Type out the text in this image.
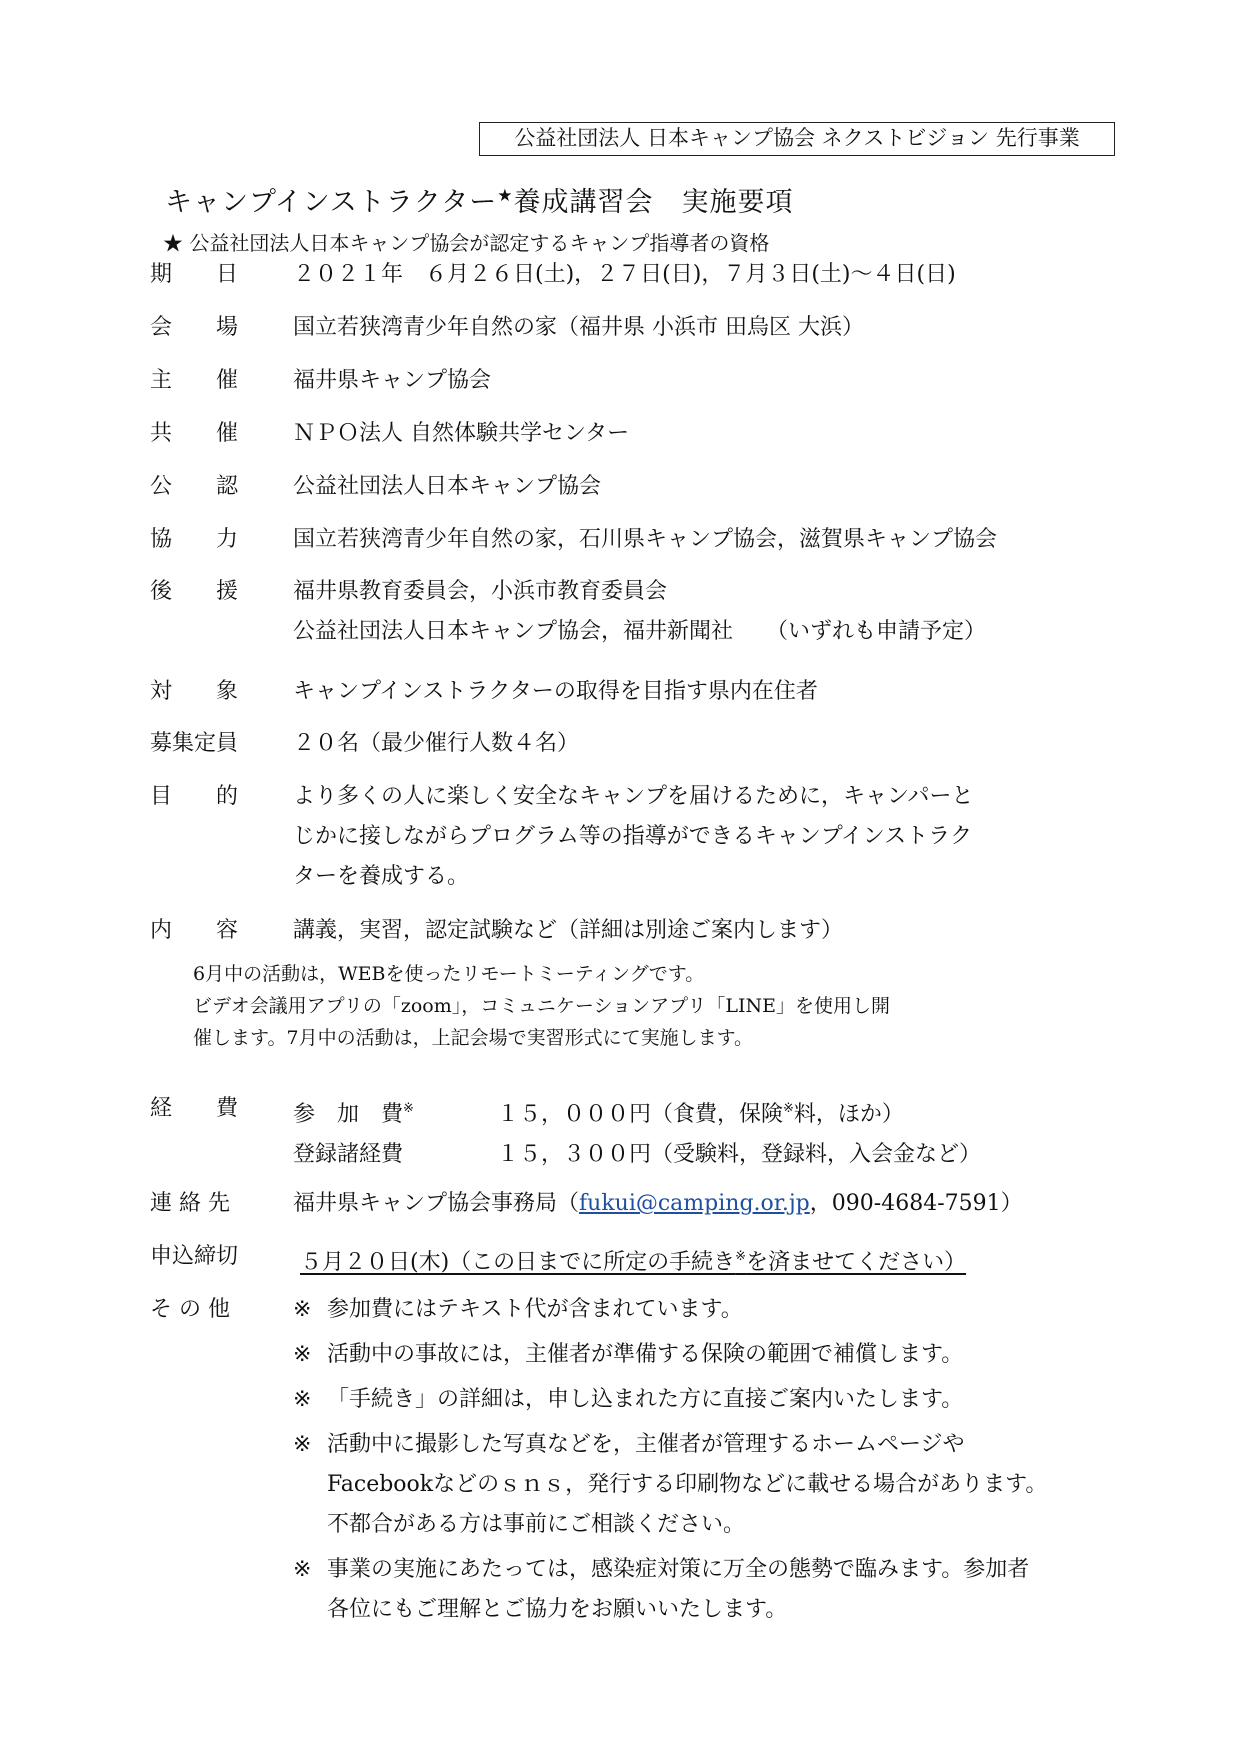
公益社団法人 日本キャンプ協会 ネクストビジョン 先行事業
キャンプインストラクター★養成講習会　実施要項
★ 公益社団法人日本キャンプ協会が認定するキャンプ指導者の資格
期　　日	２０２１年　６月２６日(土)，２７日(日)，７月３日(土)～４日(日)
会　　場	国立若狭湾青少年自然の家（福井県 小浜市 田烏区 大浜）
主　　催	福井県キャンプ協会
共　　催	ＮＰＯ法人 自然体験共学センター
公　　認	公益社団法人日本キャンプ協会
協　　力	国立若狭湾青少年自然の家，石川県キャンプ協会，滋賀県キャンプ協会
後　　援	福井県教育委員会，小浜市教育委員会
公益社団法人日本キャンプ協会，福井新聞社　　（いずれも申請予定）
対　　象	キャンプインストラクターの取得を目指す県内在住者
募集定員	２０名（最少催行人数４名）
目　　的	より多くの人に楽しく安全なキャンプを届けるために，キャンパーと
じかに接しながらプログラム等の指導ができるキャンプインストラク
ターを養成する。
内　　容	講義，実習，認定試験など（詳細は別途ご案内します）
6月中の活動は，WEBを使ったリモートミーティングです。
ビデオ会議用アプリの「zoom」，コミュニケーションアプリ「LINE」を使用し開
催します。7月中の活動は，上記会場で実習形式にて実施します。
経　　費	参　加　費※	　１５，０００円（食費，保険※料，ほか）
登録諸経費	　１５，３００円（受験料，登録料，入会金など）
連 絡 先	福井県キャンプ協会事務局（fukui@camping.or.jp，090-4684-7591）
申込締切	５月２０日(木)（この日までに所定の手続き※を済ませてください）
そ の 他	※ 参加費にはテキスト代が含まれています。
※ 活動中の事故には，主催者が準備する保険の範囲で補償します。
※ 「手続き」の詳細は，申し込まれた方に直接ご案内いたします。
※ 活動中に撮影した写真などを，主催者が管理するホームページや
Facebookなどのｓｎｓ，発行する印刷物などに載せる場合があります。
不都合がある方は事前にご相談ください。
※ 事業の実施にあたっては，感染症対策に万全の態勢で臨みます。参加者
各位にもご理解とご協力をお願いいたします。
